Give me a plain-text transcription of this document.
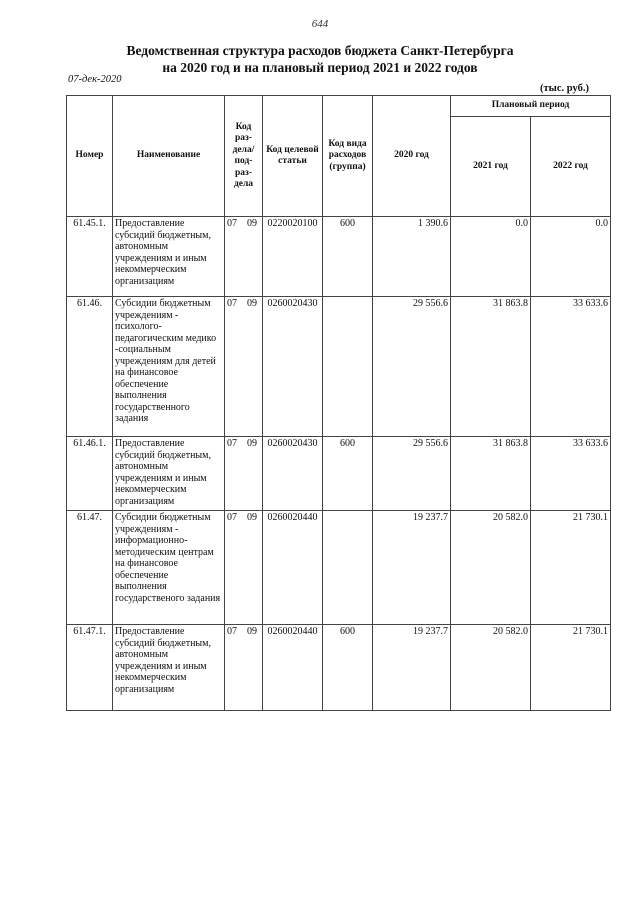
644
Ведомственная структура расходов бюджета Санкт-Петербурга
на 2020 год и на плановый период 2021 и 2022 годов
07-дек-2020
(тыс. руб.)
Номер	Наименование	Код раз- дела/ под- раз- дела	Код целевой статьи	Код вида расходов (группа)	2020 год	Плановый период	
						2021 год	2022 год
61.45.1.	Предоставление субсидий бюджетным, автономным учреждениям и иным некоммерческим организациям	07 09	0220020100	600	1 390.6	0.0	0.0
61.46.	Субсидии бюджетным учреждениям - психолого-педагогическим медико -социальным учреждениям для детей на финансовое обеспечение выполнения государственного задания	07 09	0260020430		29 556.6	31 863.8	33 633.6
61.46.1.	Предоставление субсидий бюджетным, автономным учреждениям и иным некоммерческим организациям	07 09	0260020430	600	29 556.6	31 863.8	33 633.6
61.47.	Субсидии бюджетным учреждениям - информационно-методическим центрам на финансовое обеспечение выполнения государственого задания	07 09	0260020440		19 237.7	20 582.0	21 730.1
61.47.1.	Предоставление субсидий бюджетным, автономным учреждениям и иным некоммерческим организациям	07 09	0260020440	600	19 237.7	20 582.0	21 730.1
